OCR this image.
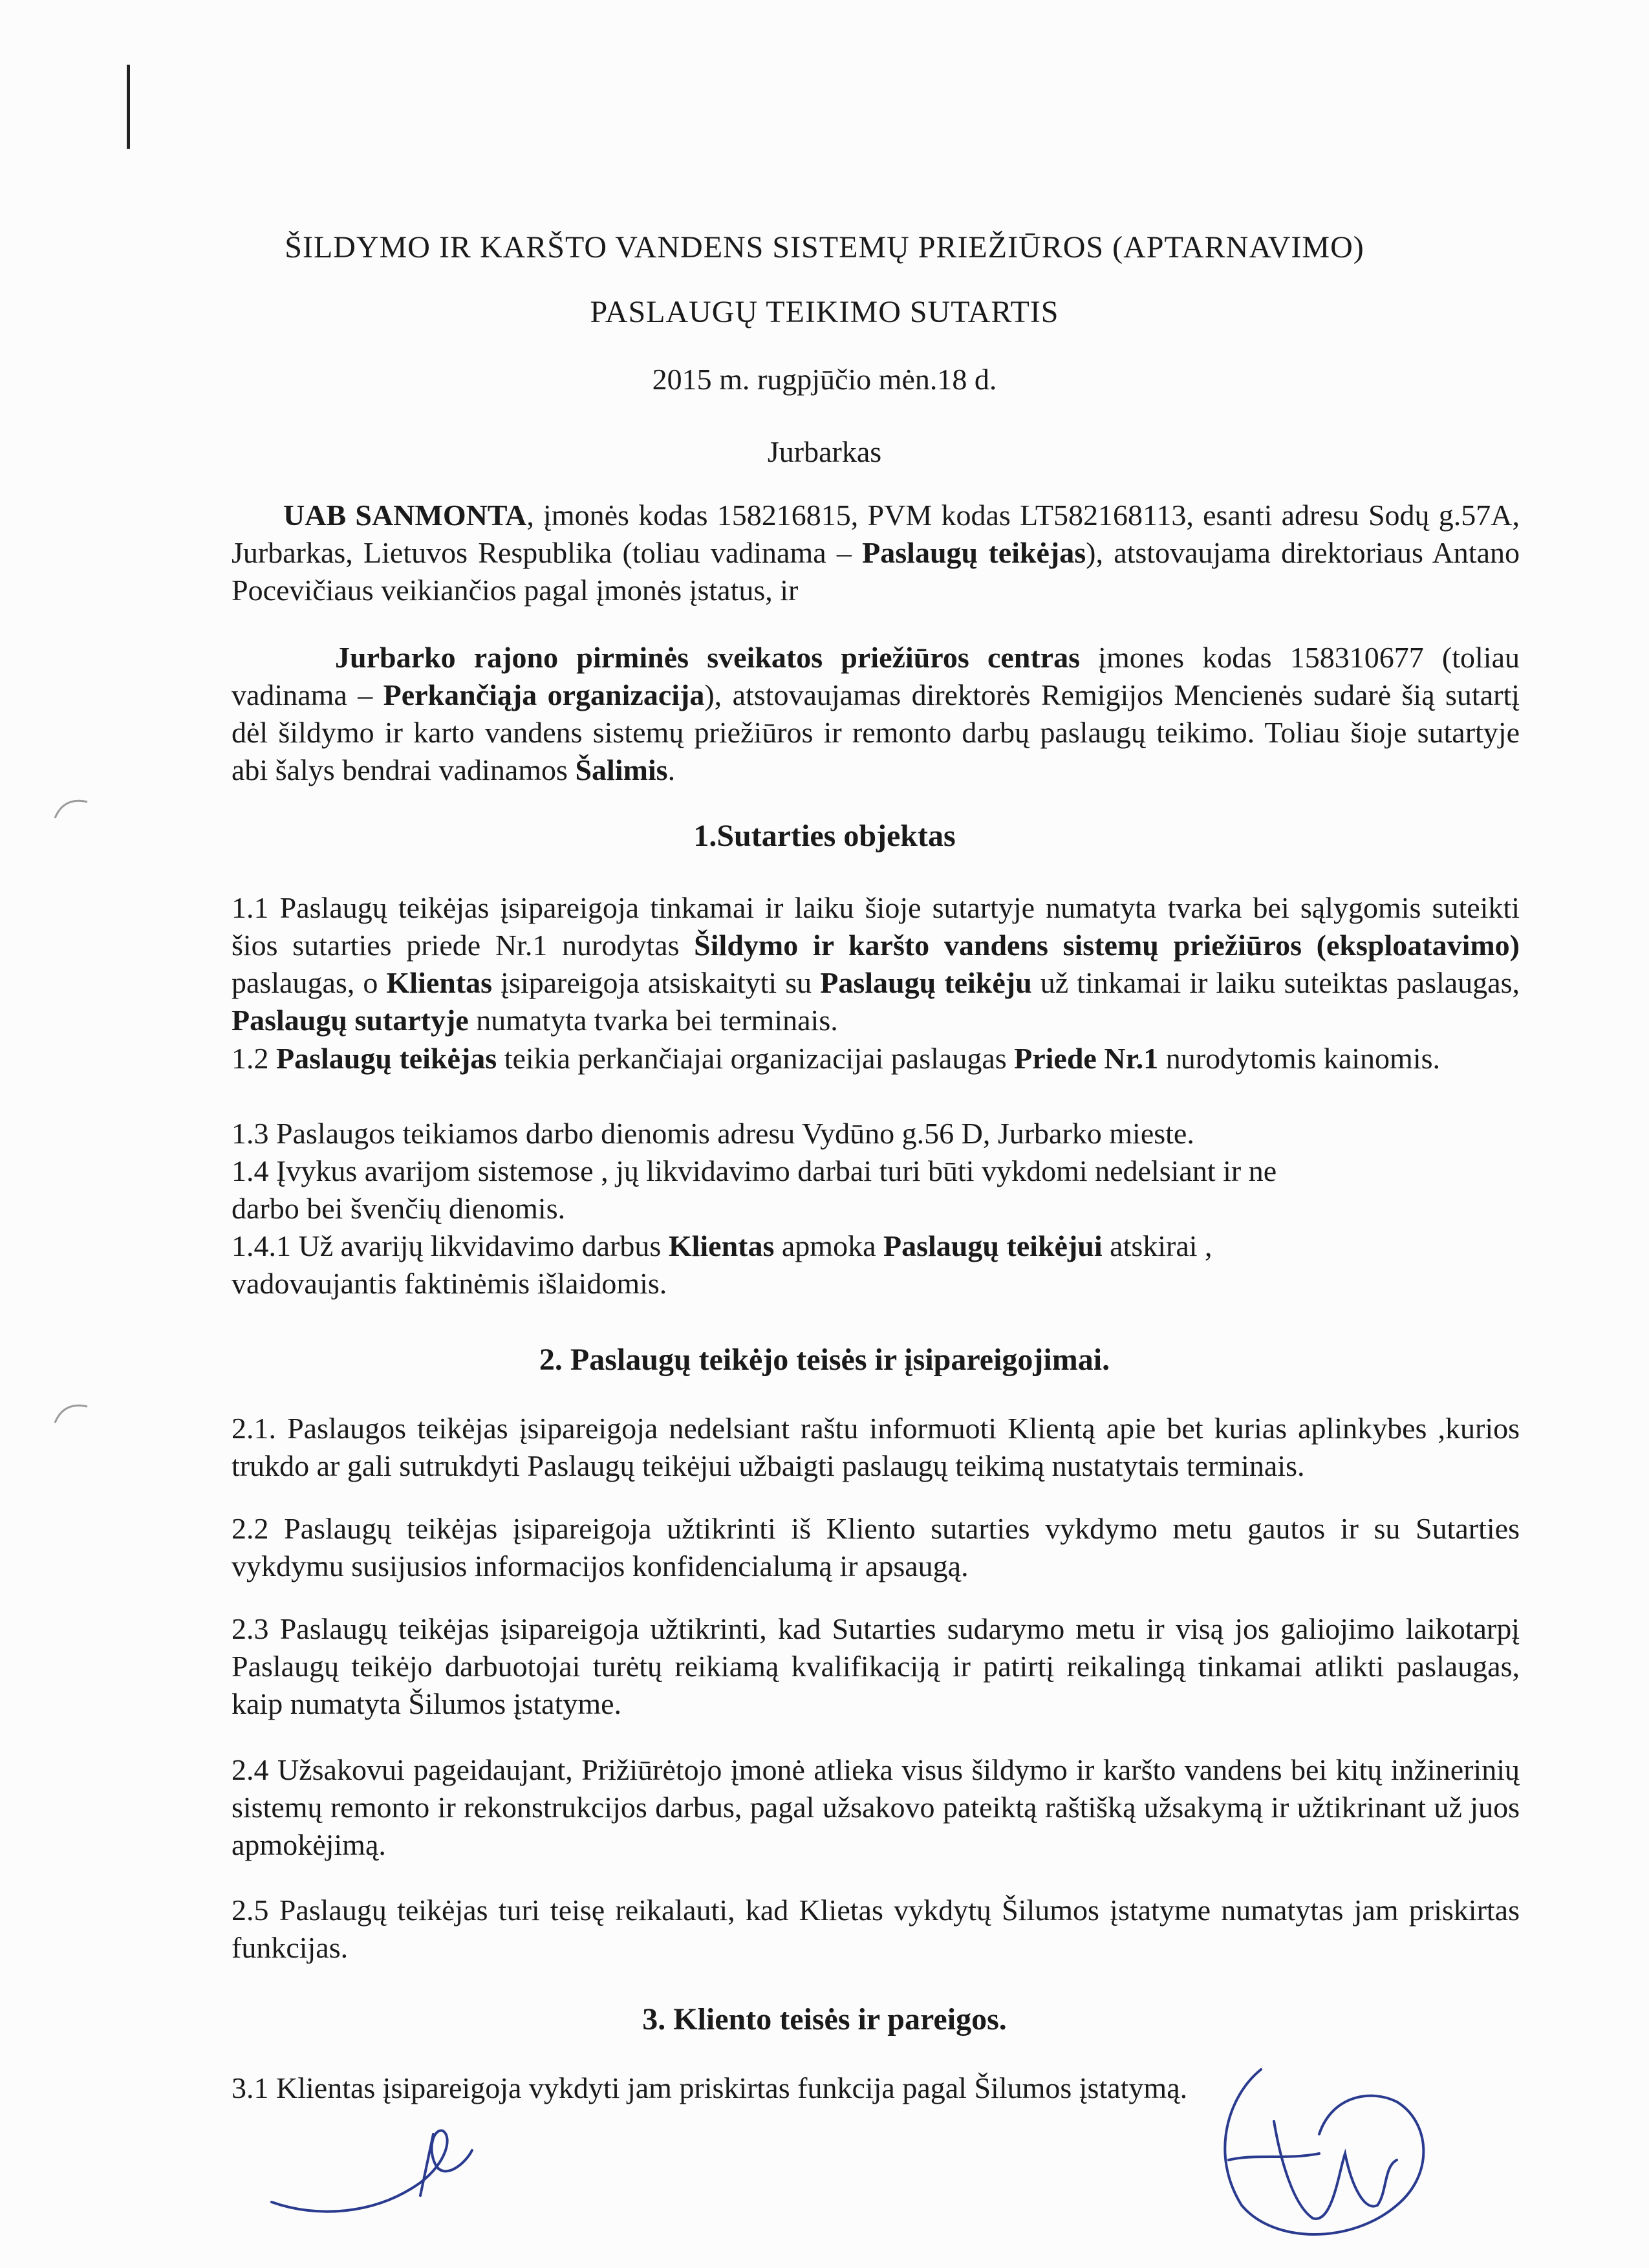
ŠILDYMO IR KARŠTO VANDENS SISTEMŲ PRIEŽIŪROS (APTARNAVIMO)
PASLAUGŲ TEIKIMO SUTARTIS
2015 m. rugpjūčio mėn.18 d.
Jurbarkas
UAB SANMONTA, įmonės kodas 158216815, PVM kodas LT582168113, esanti adresu Sodų g.57A, Jurbarkas, Lietuvos Respublika (toliau vadinama – Paslaugų teikėjas), atstovaujama direktoriaus Antano Pocevičiaus veikiančios pagal įmonės įstatus, ir
Jurbarko rajono pirminės sveikatos priežiūros centras įmones kodas 158310677 (toliau vadinama – Perkančiąja organizacija), atstovaujamas direktorės Remigijos Mencienės sudarė šią sutartį dėl šildymo ir karto vandens sistemų priežiūros ir remonto darbų paslaugų teikimo. Toliau šioje sutartyje abi šalys bendrai vadinamos Šalimis.
1.Sutarties objektas
1.1 Paslaugų teikėjas įsipareigoja tinkamai ir laiku šioje sutartyje numatyta tvarka bei sąlygomis suteikti šios sutarties priede Nr.1 nurodytas Šildymo ir karšto vandens sistemų priežiūros (eksploatavimo) paslaugas, o Klientas įsipareigoja atsiskaityti su Paslaugų teikėju už tinkamai ir laiku suteiktas paslaugas, Paslaugų sutartyje numatyta tvarka bei terminais.
1.2 Paslaugų teikėjas teikia perkančiajai organizacijai paslaugas Priede Nr.1 nurodytomis kainomis.
1.3 Paslaugos teikiamos darbo dienomis adresu Vydūno g.56 D, Jurbarko mieste.
1.4 Įvykus avarijom sistemose , jų likvidavimo darbai turi būti vykdomi nedelsiant ir ne
darbo bei švenčių dienomis.
1.4.1 Už avarijų likvidavimo darbus Klientas apmoka Paslaugų teikėjui atskirai ,
vadovaujantis faktinėmis išlaidomis.
2. Paslaugų teikėjo teisės ir įsipareigojimai.
2.1. Paslaugos teikėjas įsipareigoja nedelsiant raštu informuoti Klientą apie bet kurias aplinkybes ,kurios trukdo ar gali sutrukdyti Paslaugų teikėjui užbaigti paslaugų teikimą nustatytais terminais.
2.2 Paslaugų teikėjas įsipareigoja užtikrinti iš Kliento sutarties vykdymo metu gautos ir su Sutarties vykdymu susijusios informacijos konfidencialumą ir apsaugą.
2.3 Paslaugų teikėjas įsipareigoja užtikrinti, kad Sutarties sudarymo metu ir visą jos galiojimo laikotarpį Paslaugų teikėjo darbuotojai turėtų reikiamą kvalifikaciją ir patirtį reikalingą tinkamai atlikti paslaugas, kaip numatyta Šilumos įstatyme.
2.4 Užsakovui pageidaujant, Prižiūrėtojo įmonė atlieka visus šildymo ir karšto vandens bei kitų inžinerinių sistemų remonto ir rekonstrukcijos darbus, pagal užsakovo pateiktą raštišką užsakymą ir užtikrinant už juos apmokėjimą.
2.5 Paslaugų teikėjas turi teisę reikalauti, kad Klietas vykdytų Šilumos įstatyme numatytas jam priskirtas funkcijas.
3. Kliento teisės ir pareigos.
3.1 Klientas įsipareigoja vykdyti jam priskirtas funkcija pagal Šilumos įstatymą.
